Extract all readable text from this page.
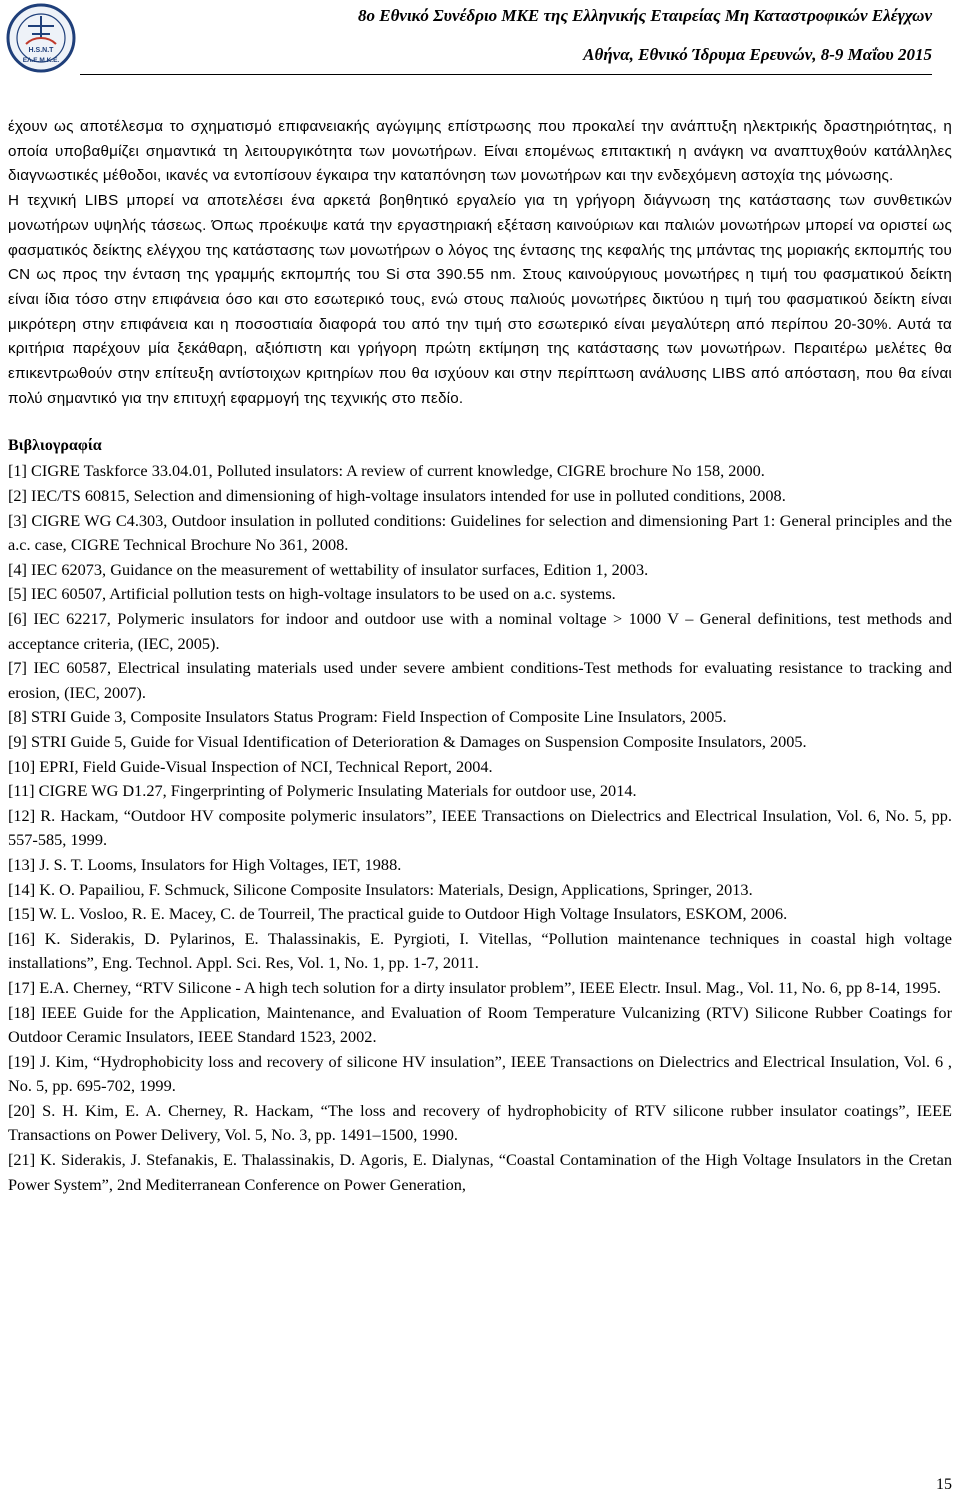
H.S.N.T
ΕΛ.Ε.Μ.Κ.Ε.
8ο Εθνικό Συνέδριο ΜΚΕ της Ελληνικής Εταιρείας Μη Καταστροφικών Ελέγχων
Αθήνα, Εθνικό Ίδρυμα Ερευνών, 8-9 Μαΐου 2015

έχουν ως αποτέλεσμα το σχηματισμό επιφανειακής αγώγιμης επίστρωσης που προκαλεί την ανάπτυξη ηλεκτρικής δραστηριότητας, η οποία υποβαθμίζει σημαντικά τη λειτουργικότητα των μονωτήρων. Είναι επομένως επιτακτική η ανάγκη να αναπτυχθούν κατάλληλες διαγνωστικές μέθοδοι, ικανές να εντοπίσουν έγκαιρα την καταπόνηση των μονωτήρων και την ενδεχόμενη αστοχία της μόνωσης.

Η τεχνική LIBS μπορεί να αποτελέσει ένα αρκετά βοηθητικό εργαλείο για τη γρήγορη διάγνωση της κατάστασης των συνθετικών μονωτήρων υψηλής τάσεως. Όπως προέκυψε κατά την εργαστηριακή εξέταση καινούριων και παλιών μονωτήρων μπορεί να οριστεί ως φασματικός δείκτης ελέγχου της κατάστασης των μονωτήρων ο λόγος της έντασης της κεφαλής της μπάντας της μοριακής εκπομπής του CN ως προς την ένταση της γραμμής εκπομπής του Si στα 390.55 nm. Στους καινούργιους μονωτήρες η τιμή του φασματικού δείκτη είναι ίδια τόσο στην επιφάνεια όσο και στο εσωτερικό τους, ενώ στους παλιούς μονωτήρες δικτύου η τιμή του φασματικού δείκτη είναι μικρότερη στην επιφάνεια και η ποσοστιαία διαφορά του από την τιμή στο εσωτερικό είναι μεγαλύτερη από περίπου 20-30%. Αυτά τα κριτήρια παρέχουν μία ξεκάθαρη, αξιόπιστη και γρήγορη πρώτη εκτίμηση της κατάστασης των μονωτήρων. Περαιτέρω μελέτες θα επικεντρωθούν στην επίτευξη αντίστοιχων κριτηρίων που θα ισχύουν και στην περίπτωση ανάλυσης LIBS από απόσταση, που θα είναι πολύ σημαντικό για την επιτυχή εφαρμογή της τεχνικής στο πεδίο.

Βιβλιογραφία
[1] CIGRE Taskforce 33.04.01, Polluted insulators: A review of current knowledge, CIGRE brochure No 158, 2000.
[2] IEC/TS 60815, Selection and dimensioning of high-voltage insulators intended for use in polluted conditions, 2008.
[3] CIGRE WG C4.303, Outdoor insulation in polluted conditions: Guidelines for selection and dimensioning Part 1: General principles and the a.c. case, CIGRE Technical Brochure No 361, 2008.
[4] IEC 62073, Guidance on the measurement of wettability of insulator surfaces, Edition 1, 2003.
[5] IEC 60507, Artificial pollution tests on high-voltage insulators to be used on a.c. systems.
[6] IEC 62217, Polymeric insulators for indoor and outdoor use with a nominal voltage > 1000 V – General definitions, test methods and acceptance criteria, (IEC, 2005).
[7] IEC 60587, Electrical insulating materials used under severe ambient conditions-Test methods for evaluating resistance to tracking and erosion, (IEC, 2007).
[8] STRI Guide 3, Composite Insulators Status Program: Field Inspection of Composite Line Insulators, 2005.
[9] STRI Guide 5, Guide for Visual Identification of Deterioration & Damages on Suspension Composite Insulators, 2005.
[10] EPRI, Field Guide-Visual Inspection of NCI, Technical Report, 2004.
[11] CIGRE WG D1.27, Fingerprinting of Polymeric Insulating Materials for outdoor use, 2014.
[12] R. Hackam, “Outdoor HV composite polymeric insulators”, IEEE Transactions on Dielectrics and Electrical Insulation, Vol. 6, No. 5, pp. 557-585, 1999.
[13] J. S. T. Looms, Insulators for High Voltages, IET, 1988.
[14] K. O. Papailiou, F. Schmuck, Silicone Composite Insulators: Materials, Design, Applications, Springer, 2013.
[15] W. L. Vosloo, R. E. Macey, C. de Tourreil, The practical guide to Outdoor High Voltage Insulators, ESKOM, 2006.
[16] K. Siderakis, D. Pylarinos, E. Thalassinakis, E. Pyrgioti, I. Vitellas, “Pollution maintenance techniques in coastal high voltage installations”, Eng. Technol. Appl. Sci. Res, Vol. 1, No. 1, pp. 1-7, 2011.
[17] E.A. Cherney, “RTV Silicone - A high tech solution for a dirty insulator problem”, IEEE Electr. Insul. Mag., Vol. 11, No. 6, pp 8-14, 1995.
[18] IEEE Guide for the Application, Maintenance, and Evaluation of Room Temperature Vulcanizing (RTV) Silicone Rubber Coatings for Outdoor Ceramic Insulators, IEEE Standard 1523, 2002.
[19] J. Kim, “Hydrophobicity loss and recovery of silicone HV insulation”, IEEE Transactions on Dielectrics and Electrical Insulation, Vol. 6 , No. 5, pp. 695-702, 1999.
[20] S. H. Kim, E. A. Cherney, R. Hackam, “The loss and recovery of hydrophobicity of RTV silicone rubber insulator coatings”, IEEE Transactions on Power Delivery, Vol. 5, No. 3, pp. 1491–1500, 1990.
[21] K. Siderakis, J. Stefanakis, E. Thalassinakis, D. Agoris, E. Dialynas, “Coastal Contamination of the High Voltage Insulators in the Cretan Power System”, 2nd Mediterranean Conference on Power Generation,
15
